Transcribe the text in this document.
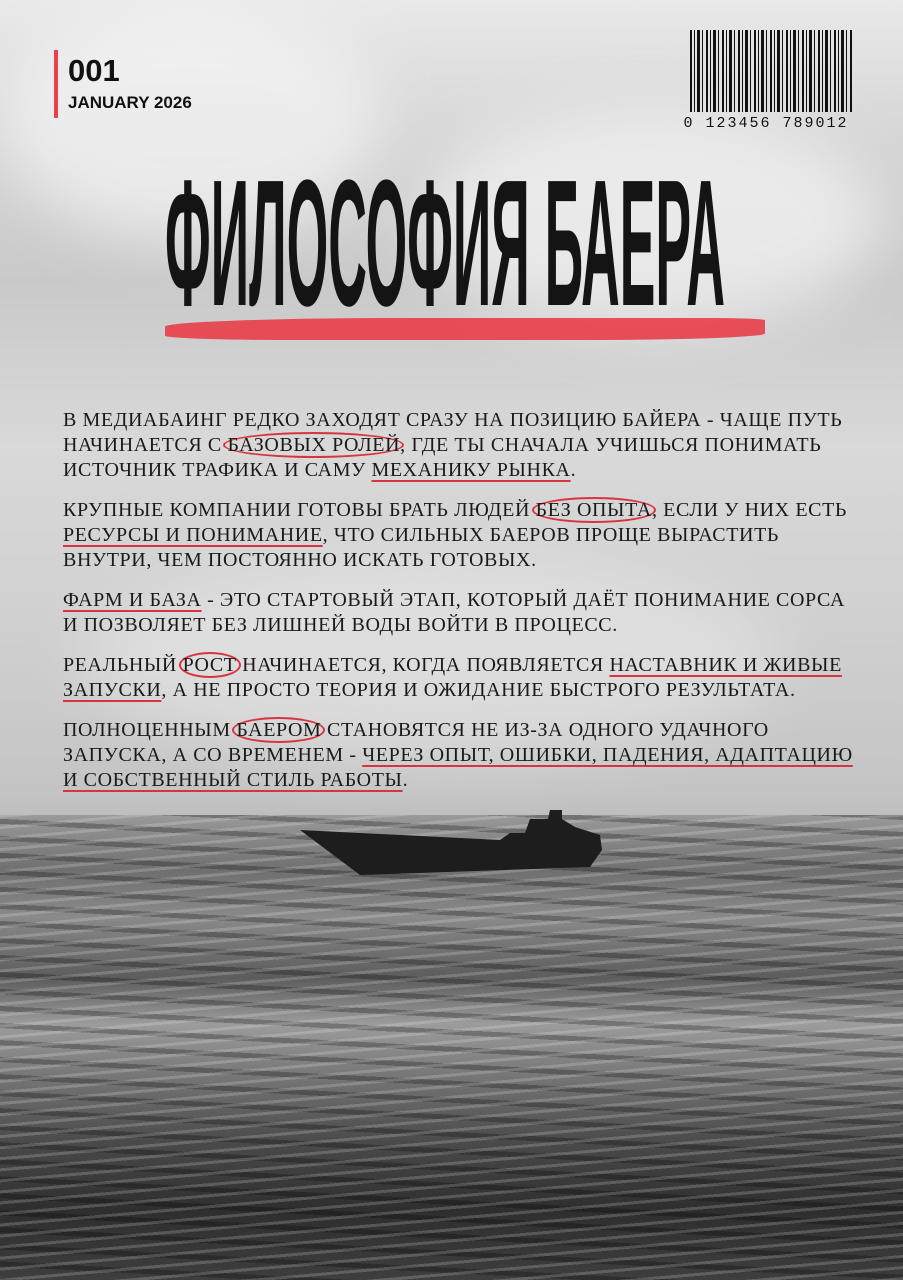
001
JANUARY 2026
0 123456 789012
ФИЛОСОФИЯ БАЕРА

В МЕДИАБАИНГ РЕДКО ЗАХОДЯТ СРАЗУ НА ПОЗИЦИЮ БАЙЕРА - ЧАЩЕ ПУТЬ НАЧИНАЕТСЯ С БАЗОВЫХ РОЛЕЙ, ГДЕ ТЫ СНАЧАЛА УЧИШЬСЯ ПОНИМАТЬ ИСТОЧНИК ТРАФИКА И САМУ МЕХАНИКУ РЫНКА.

КРУПНЫЕ КОМПАНИИ ГОТОВЫ БРАТЬ ЛЮДЕЙ БЕЗ ОПЫТА, ЕСЛИ У НИХ ЕСТЬ РЕСУРСЫ И ПОНИМАНИЕ, ЧТО СИЛЬНЫХ БАЕРОВ ПРОЩЕ ВЫРАСТИТЬ ВНУТРИ, ЧЕМ ПОСТОЯННО ИСКАТЬ ГОТОВЫХ.

ФАРМ И БАЗА - ЭТО СТАРТОВЫЙ ЭТАП, КОТОРЫЙ ДАЁТ ПОНИМАНИЕ СОРСА И ПОЗВОЛЯЕТ БЕЗ ЛИШНЕЙ ВОДЫ ВОЙТИ В ПРОЦЕСС.

РЕАЛЬНЫЙ РОСТ НАЧИНАЕТСЯ, КОГДА ПОЯВЛЯЕТСЯ НАСТАВНИК И ЖИВЫЕ ЗАПУСКИ, А НЕ ПРОСТО ТЕОРИЯ И ОЖИДАНИЕ БЫСТРОГО РЕЗУЛЬТАТА.

ПОЛНОЦЕННЫМ БАЕРОМ СТАНОВЯТСЯ НЕ ИЗ-ЗА ОДНОГО УДАЧНОГО ЗАПУСКА, А СО ВРЕМЕНЕМ - ЧЕРЕЗ ОПЫТ, ОШИБКИ, ПАДЕНИЯ, АДАПТАЦИЮ И СОБСТВЕННЫЙ СТИЛЬ РАБОТЫ.
